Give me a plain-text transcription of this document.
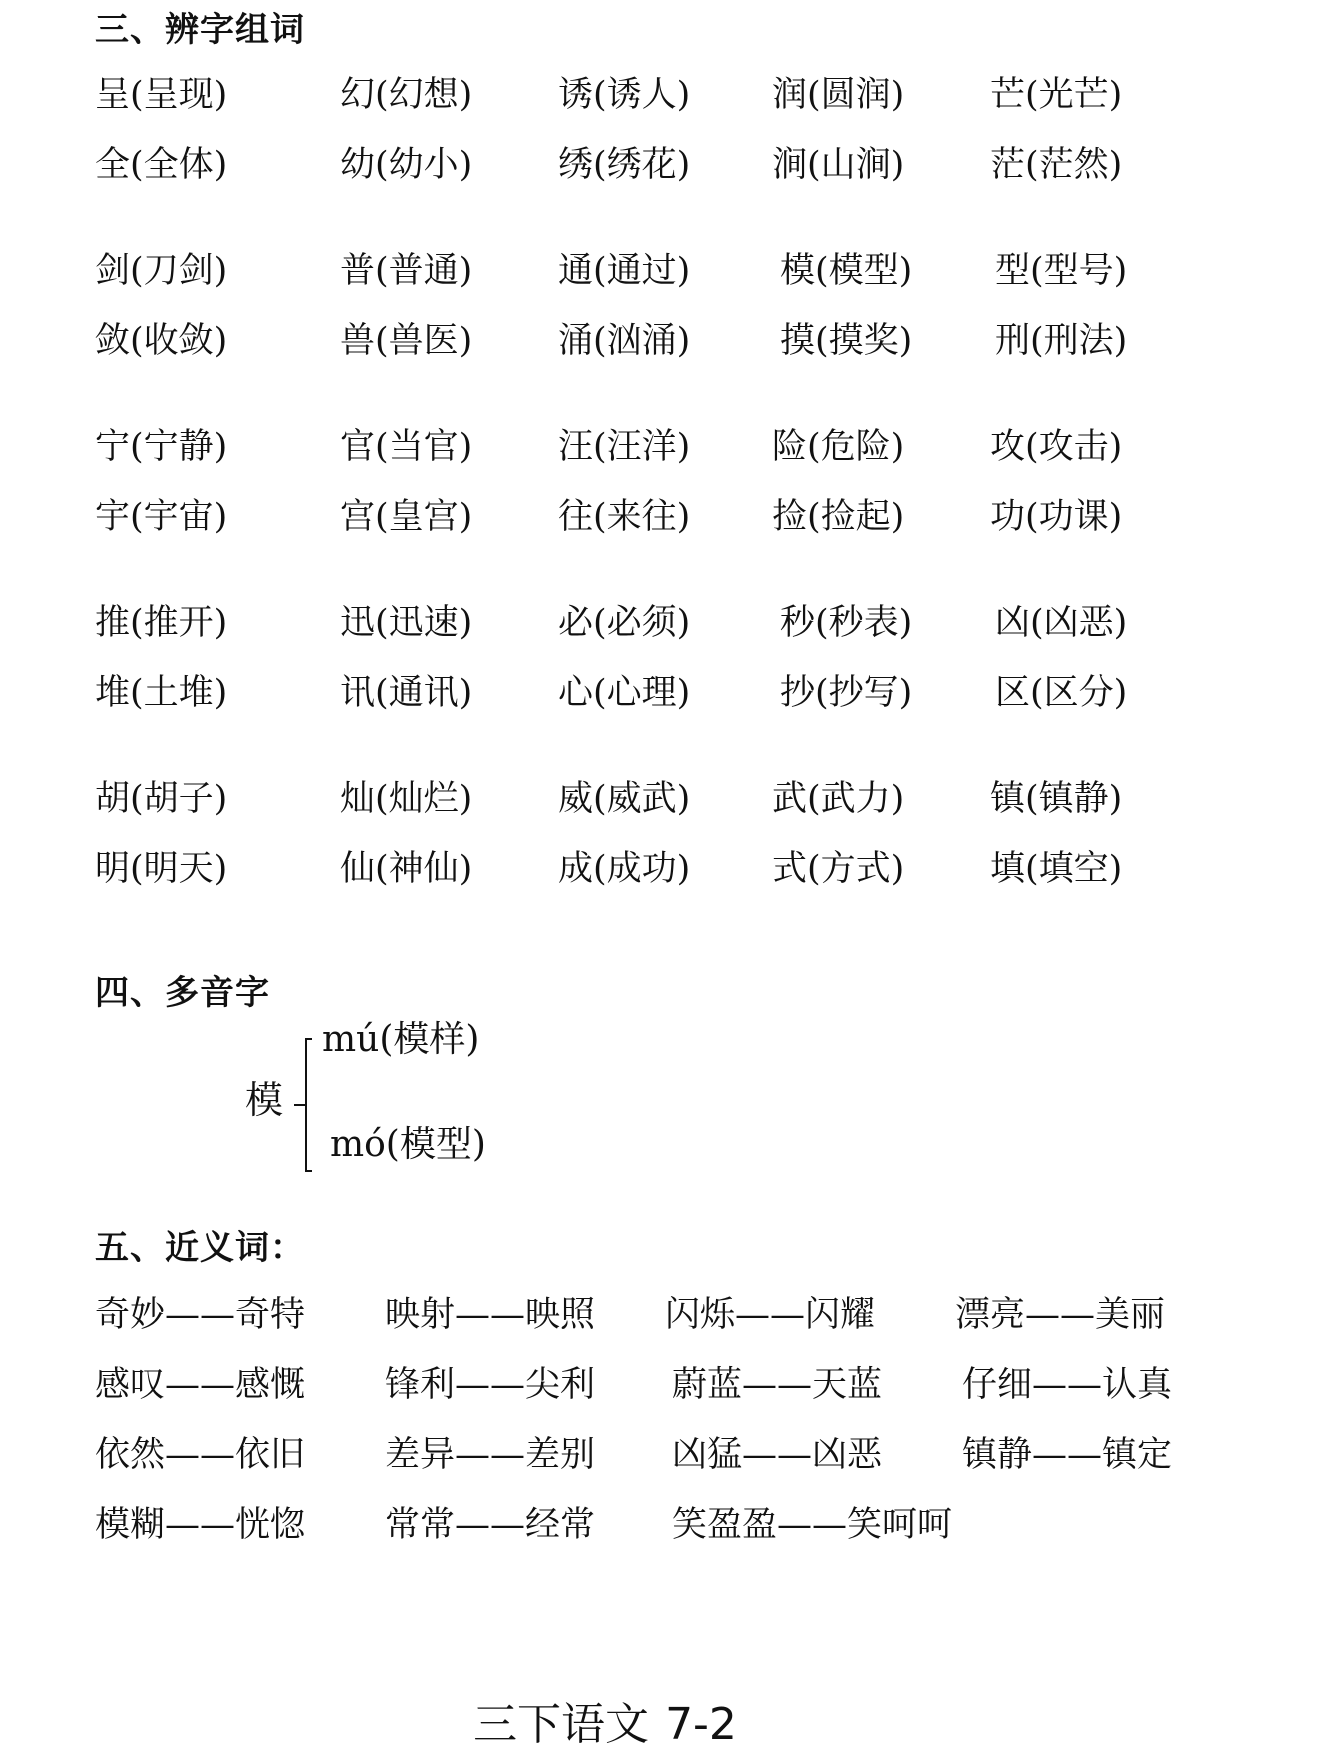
三、辨字组词
呈(呈现)	幻(幻想) 诱(诱人) 润(圆润) 芒(光芒)
全(全体)	幼(幼小) 绣(绣花) 涧(山涧) 茫(茫然)
剑(刀剑)	普(普通) 通(通过)	模(模型) 型(型号)
敛(收敛)	兽(兽医) 涌(汹涌)	摸(摸奖) 刑(刑法)
宁(宁静)	官(当官) 汪(汪洋) 险(危险) 攻(攻击)
宇(宇宙)	宫(皇宫) 往(来往) 捡(捡起) 功(功课)
推(推开)	迅(迅速) 必(必须)	秒(秒表) 凶(凶恶)
堆(土堆)	讯(通讯) 心(心理)	抄(抄写) 区(区分)
胡(胡子)	灿(灿烂) 威(威武) 武(武力) 镇(镇静)
明(明天)	仙(神仙) 成(成功) 式(方式) 填(填空)
四、多音字
模
mú(模样)
mó(模型)
五、近义词：
奇妙——奇特 映射——映照 闪烁——闪耀 漂亮——美丽
感叹——感慨 锋利——尖利 蔚蓝——天蓝 仔细——认真
依然——依旧 差异——差别 凶猛——凶恶 镇静——镇定
模糊——恍惚 常常——经常 笑盈盈——笑呵呵
三下语文 7-2
